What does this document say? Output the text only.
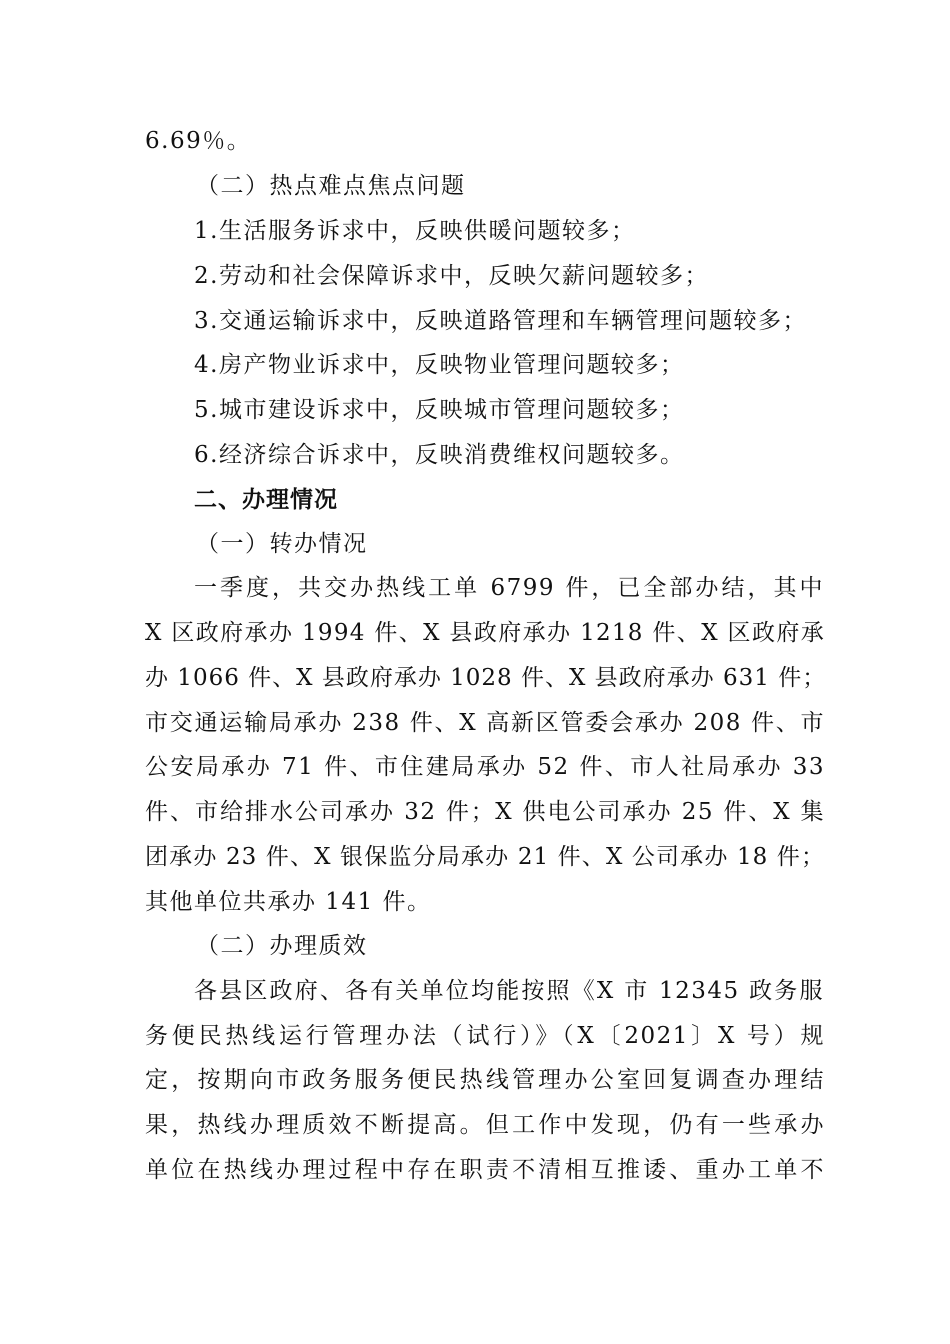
6.69％。
（二）热点难点焦点问题
1.生活服务诉求中，反映供暖问题较多；
2.劳动和社会保障诉求中，反映欠薪问题较多；
3.交通运输诉求中，反映道路管理和车辆管理问题较多；
4.房产物业诉求中，反映物业管理问题较多；
5.城市建设诉求中，反映城市管理问题较多；
6.经济综合诉求中，反映消费维权问题较多。
二、办理情况
（一）转办情况
一季度，共交办热线工单 6799 件，已全部办结，其中
X 区政府承办 1994 件、X 县政府承办 1218 件、X 区政府承
办 1066 件、X 县政府承办 1028 件、X 县政府承办 631 件；
市交通运输局承办 238 件、X 高新区管委会承办 208 件、市
公安局承办 71 件、市住建局承办 52 件、市人社局承办 33
件、市给排水公司承办 32 件；X 供电公司承办 25 件、X 集
团承办 23 件、X 银保监分局承办 21 件、X 公司承办 18 件；
其他单位共承办 141 件。
（二）办理质效
各县区政府、各有关单位均能按照《X 市 12345 政务服
务便民热线运行管理办法（试行）》（X〔2021〕X 号）规
定，按期向市政务服务便民热线管理办公室回复调查办理结
果，热线办理质效不断提高。但工作中发现，仍有一些承办
单位在热线办理过程中存在职责不清相互推诿、重办工单不
